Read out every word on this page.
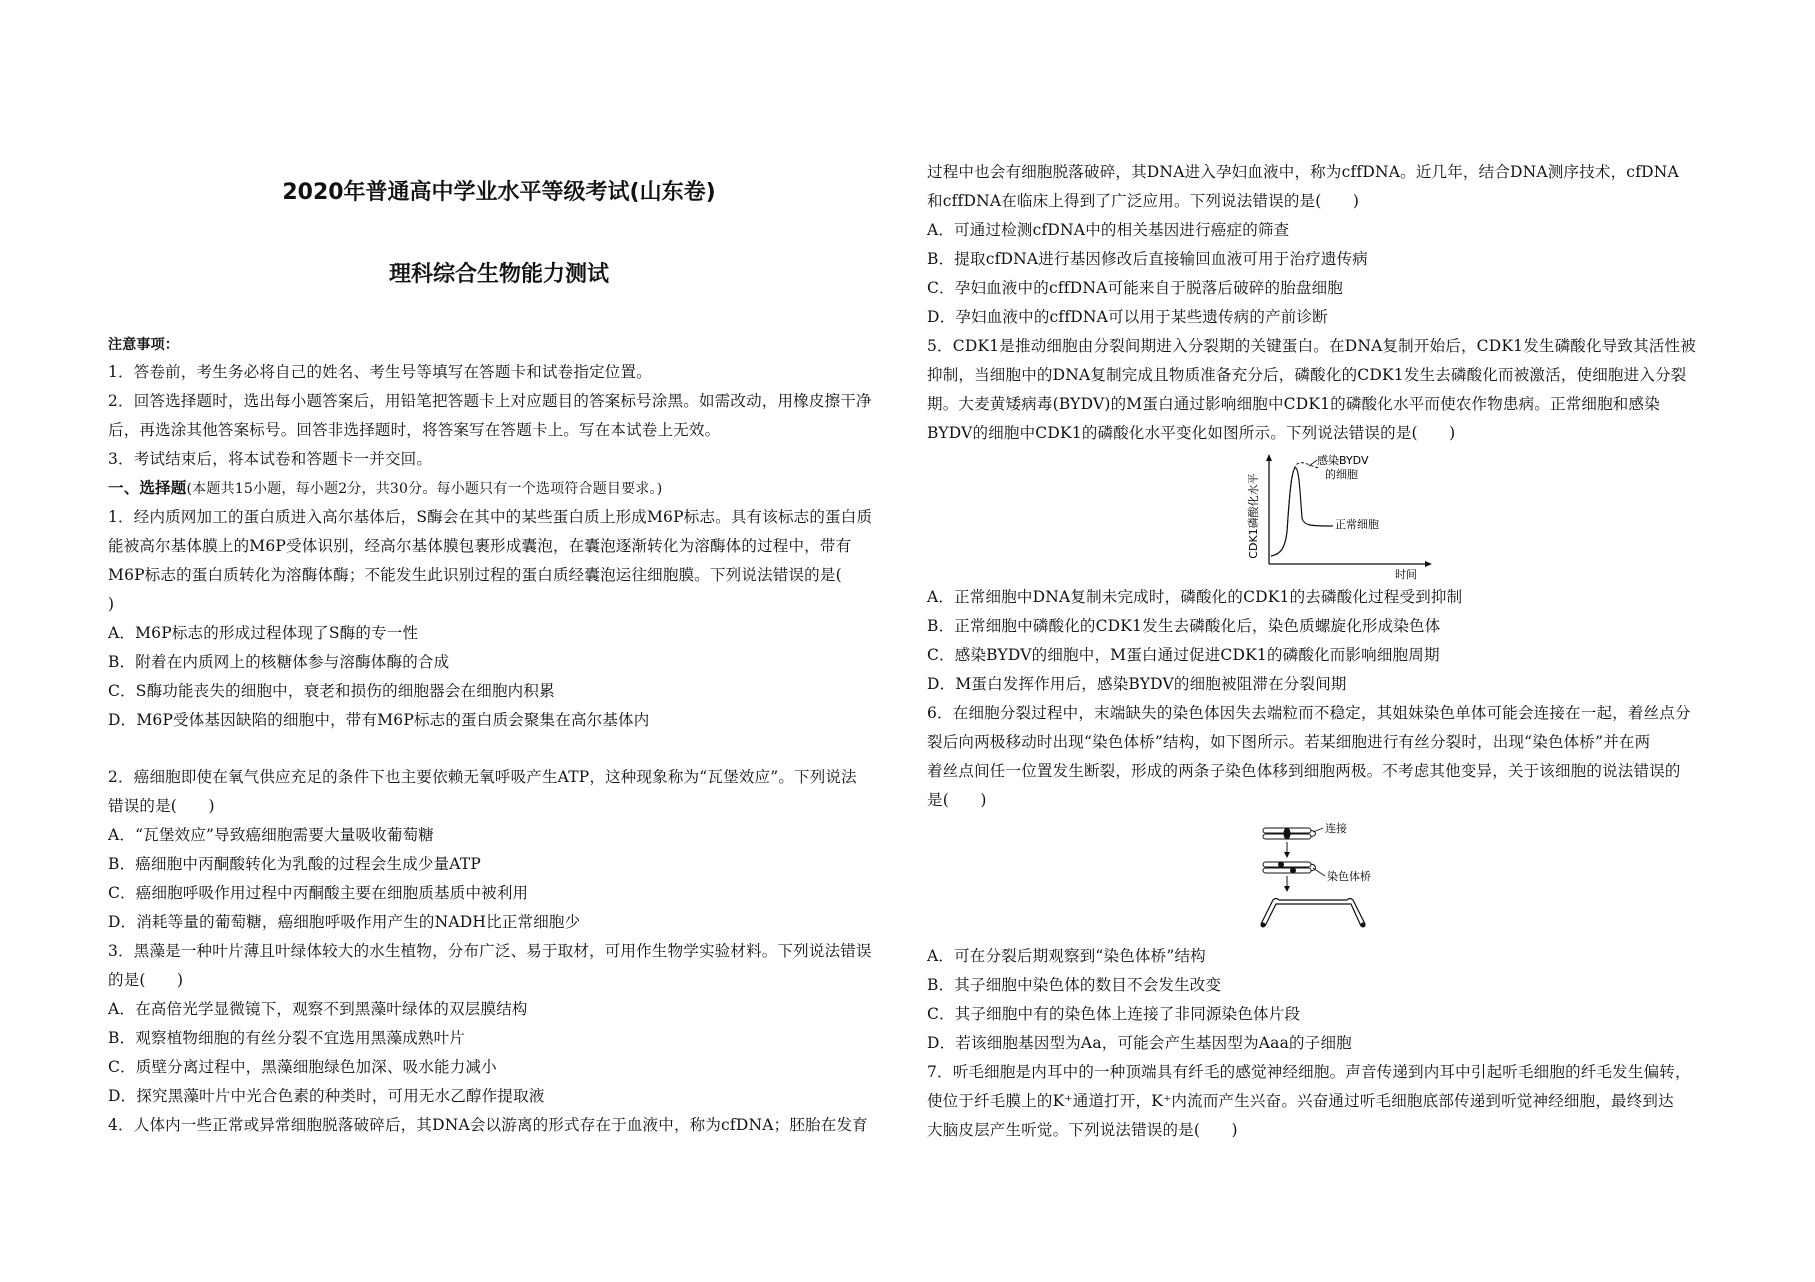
2020年普通高中学业水平等级考试(山东卷)
理科综合生物能力测试
注意事项：
1．答卷前，考生务必将自己的姓名、考生号等填写在答题卡和试卷指定位置。
2．回答选择题时，选出每小题答案后，用铅笔把答题卡上对应题目的答案标号涂黑。如需改动，用橡皮擦干净
后，再选涂其他答案标号。回答非选择题时，将答案写在答题卡上。写在本试卷上无效。
3．考试结束后，将本试卷和答题卡一并交回。
一、选择题(本题共15小题，每小题2分，共30分。每小题只有一个选项符合题目要求。)
1．经内质网加工的蛋白质进入高尔基体后，S酶会在其中的某些蛋白质上形成M6P标志。具有该标志的蛋白质
能被高尔基体膜上的M6P受体识别，经高尔基体膜包裹形成囊泡，在囊泡逐渐转化为溶酶体的过程中，带有
M6P标志的蛋白质转化为溶酶体酶；不能发生此识别过程的蛋白质经囊泡运往细胞膜。下列说法错误的是(
)
A．M6P标志的形成过程体现了S酶的专一性
B．附着在内质网上的核糖体参与溶酶体酶的合成
C．S酶功能丧失的细胞中，衰老和损伤的细胞器会在细胞内积累
D．M6P受体基因缺陷的细胞中，带有M6P标志的蛋白质会聚集在高尔基体内
2．癌细胞即使在氧气供应充足的条件下也主要依赖无氧呼吸产生ATP，这种现象称为“瓦堡效应”。下列说法
错误的是(　　)
A．“瓦堡效应”导致癌细胞需要大量吸收葡萄糖
B．癌细胞中丙酮酸转化为乳酸的过程会生成少量ATP
C．癌细胞呼吸作用过程中丙酮酸主要在细胞质基质中被利用
D．消耗等量的葡萄糖，癌细胞呼吸作用产生的NADH比正常细胞少
3．黑藻是一种叶片薄且叶绿体较大的水生植物，分布广泛、易于取材，可用作生物学实验材料。下列说法错误
的是(　　)
A．在高倍光学显微镜下，观察不到黑藻叶绿体的双层膜结构
B．观察植物细胞的有丝分裂不宜选用黑藻成熟叶片
C．质壁分离过程中，黑藻细胞绿色加深、吸水能力减小
D．探究黑藻叶片中光合色素的种类时，可用无水乙醇作提取液
4．人体内一些正常或异常细胞脱落破碎后，其DNA会以游离的形式存在于血液中，称为cfDNA；胚胎在发育
过程中也会有细胞脱落破碎，其DNA进入孕妇血液中，称为cffDNA。近几年，结合DNA测序技术，cfDNA
和cffDNA在临床上得到了广泛应用。下列说法错误的是(　　)
A．可通过检测cfDNA中的相关基因进行癌症的筛查
B．提取cfDNA进行基因修改后直接输回血液可用于治疗遗传病
C．孕妇血液中的cffDNA可能来自于脱落后破碎的胎盘细胞
D．孕妇血液中的cffDNA可以用于某些遗传病的产前诊断
5．CDK1是推动细胞由分裂间期进入分裂期的关键蛋白。在DNA复制开始后，CDK1发生磷酸化导致其活性被
抑制，当细胞中的DNA复制完成且物质准备充分后，磷酸化的CDK1发生去磷酸化而被激活，使细胞进入分裂
期。大麦黄矮病毒(BYDV)的M蛋白通过影响细胞中CDK1的磷酸化水平而使农作物患病。正常细胞和感染
BYDV的细胞中CDK1的磷酸化水平变化如图所示。下列说法错误的是(　　)
CDK1磷酸化水平
感染BYDV
的细胞
正常细胞
时间
A．正常细胞中DNA复制未完成时，磷酸化的CDK1的去磷酸化过程受到抑制
B．正常细胞中磷酸化的CDK1发生去磷酸化后，染色质螺旋化形成染色体
C．感染BYDV的细胞中，M蛋白通过促进CDK1的磷酸化而影响细胞周期
D．M蛋白发挥作用后，感染BYDV的细胞被阻滞在分裂间期
6．在细胞分裂过程中，末端缺失的染色体因失去端粒而不稳定，其姐妹染色单体可能会连接在一起，着丝点分
裂后向两极移动时出现“染色体桥”结构，如下图所示。若某细胞进行有丝分裂时，出现“染色体桥”并在两
着丝点间任一位置发生断裂，形成的两条子染色体移到细胞两极。不考虑其他变异，关于该细胞的说法错误的
是(　　)
连接
染色体桥
A．可在分裂后期观察到“染色体桥”结构
B．其子细胞中染色体的数目不会发生改变
C．其子细胞中有的染色体上连接了非同源染色体片段
D．若该细胞基因型为Aa，可能会产生基因型为Aaa的子细胞
7．听毛细胞是内耳中的一种顶端具有纤毛的感觉神经细胞。声音传递到内耳中引起听毛细胞的纤毛发生偏转，
使位于纤毛膜上的K⁺通道打开，K⁺内流而产生兴奋。兴奋通过听毛细胞底部传递到听觉神经细胞，最终到达
大脑皮层产生听觉。下列说法错误的是(　　)
